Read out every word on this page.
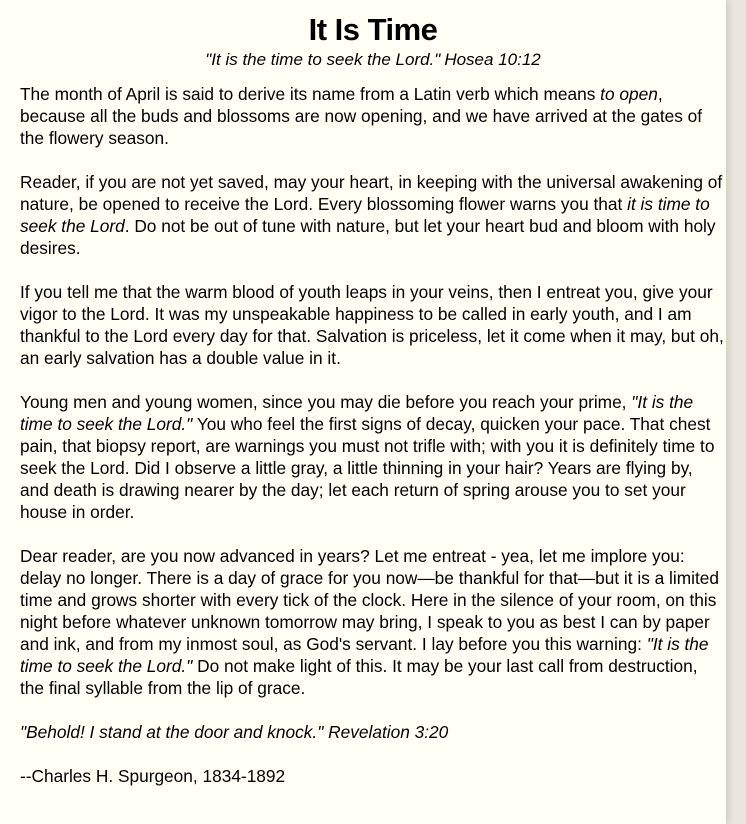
It Is Time
"It is the time to seek the Lord." Hosea 10:12

The month of April is said to derive its name from a Latin verb which means to open, because all the buds and blossoms are now opening, and we have arrived at the gates of the flowery season.

Reader, if you are not yet saved, may your heart, in keeping with the universal awakening of nature, be opened to receive the Lord. Every blossoming flower warns you that it is time to seek the Lord. Do not be out of tune with nature, but let your heart bud and bloom with holy desires.

If you tell me that the warm blood of youth leaps in your veins, then I entreat you, give your vigor to the Lord. It was my unspeakable happiness to be called in early youth, and I am thankful to the Lord every day for that. Salvation is priceless, let it come when it may, but oh, an early salvation has a double value in it.

Young men and young women, since you may die before you reach your prime, "It is the time to seek the Lord." You who feel the first signs of decay, quicken your pace. That chest pain, that biopsy report, are warnings you must not trifle with; with you it is definitely time to seek the Lord. Did I observe a little gray, a little thinning in your hair? Years are flying by, and death is drawing nearer by the day; let each return of spring arouse you to set your house in order.

Dear reader, are you now advanced in years? Let me entreat - yea, let me implore you: delay no longer. There is a day of grace for you now—be thankful for that—but it is a limited time and grows shorter with every tick of the clock. Here in the silence of your room, on this night before whatever unknown tomorrow may bring, I speak to you as best I can by paper and ink, and from my inmost soul, as God's servant. I lay before you this warning: "It is the time to seek the Lord." Do not make light of this. It may be your last call from destruction, the final syllable from the lip of grace.

"Behold! I stand at the door and knock." Revelation 3:20

--Charles H. Spurgeon, 1834-1892
